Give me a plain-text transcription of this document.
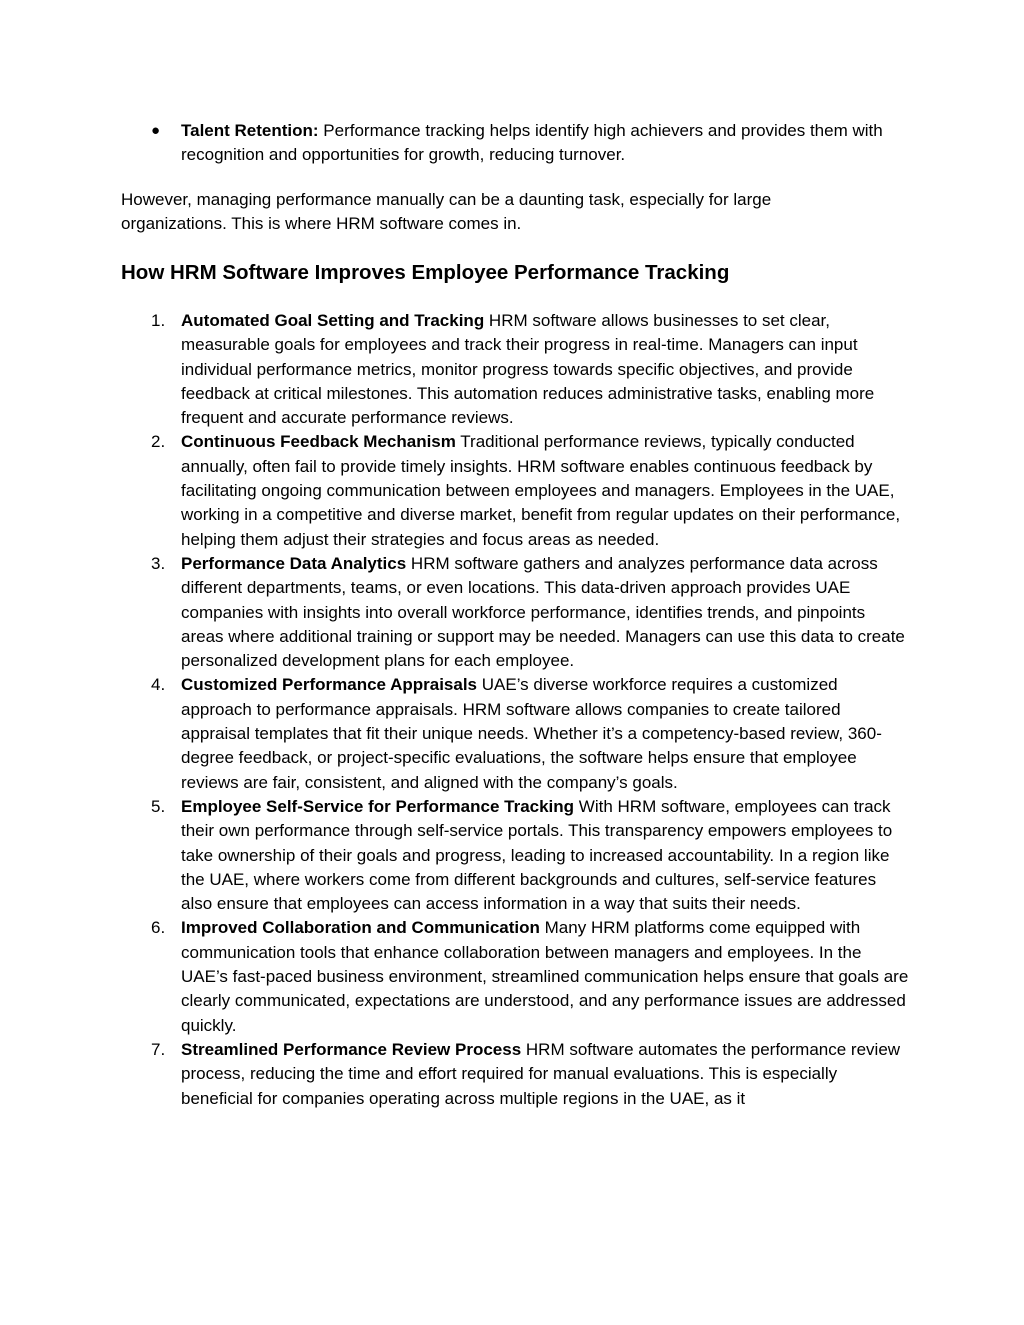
● Talent Retention: Performance tracking helps identify high achievers and provides them with recognition and opportunities for growth, reducing turnover.

However, managing performance manually can be a daunting task, especially for large organizations. This is where HRM software comes in.

How HRM Software Improves Employee Performance Tracking
1. Automated Goal Setting and Tracking HRM software allows businesses to set clear, measurable goals for employees and track their progress in real-time. Managers can input individual performance metrics, monitor progress towards specific objectives, and provide feedback at critical milestones. This automation reduces administrative tasks, enabling more frequent and accurate performance reviews.
2. Continuous Feedback Mechanism Traditional performance reviews, typically conducted annually, often fail to provide timely insights. HRM software enables continuous feedback by facilitating ongoing communication between employees and managers. Employees in the UAE, working in a competitive and diverse market, benefit from regular updates on their performance, helping them adjust their strategies and focus areas as needed.
3. Performance Data Analytics HRM software gathers and analyzes performance data across different departments, teams, or even locations. This data-driven approach provides UAE companies with insights into overall workforce performance, identifies trends, and pinpoints areas where additional training or support may be needed. Managers can use this data to create personalized development plans for each employee.
4. Customized Performance Appraisals UAE’s diverse workforce requires a customized approach to performance appraisals. HRM software allows companies to create tailored appraisal templates that fit their unique needs. Whether it’s a competency-based review, 360-degree feedback, or project-specific evaluations, the software helps ensure that employee reviews are fair, consistent, and aligned with the company’s goals.
5. Employee Self-Service for Performance Tracking With HRM software, employees can track their own performance through self-service portals. This transparency empowers employees to take ownership of their goals and progress, leading to increased accountability. In a region like the UAE, where workers come from different backgrounds and cultures, self-service features also ensure that employees can access information in a way that suits their needs.
6. Improved Collaboration and Communication Many HRM platforms come equipped with communication tools that enhance collaboration between managers and employees. In the UAE’s fast-paced business environment, streamlined communication helps ensure that goals are clearly communicated, expectations are understood, and any performance issues are addressed quickly.
7. Streamlined Performance Review Process HRM software automates the performance review process, reducing the time and effort required for manual evaluations. This is especially beneficial for companies operating across multiple regions in the UAE, as it
